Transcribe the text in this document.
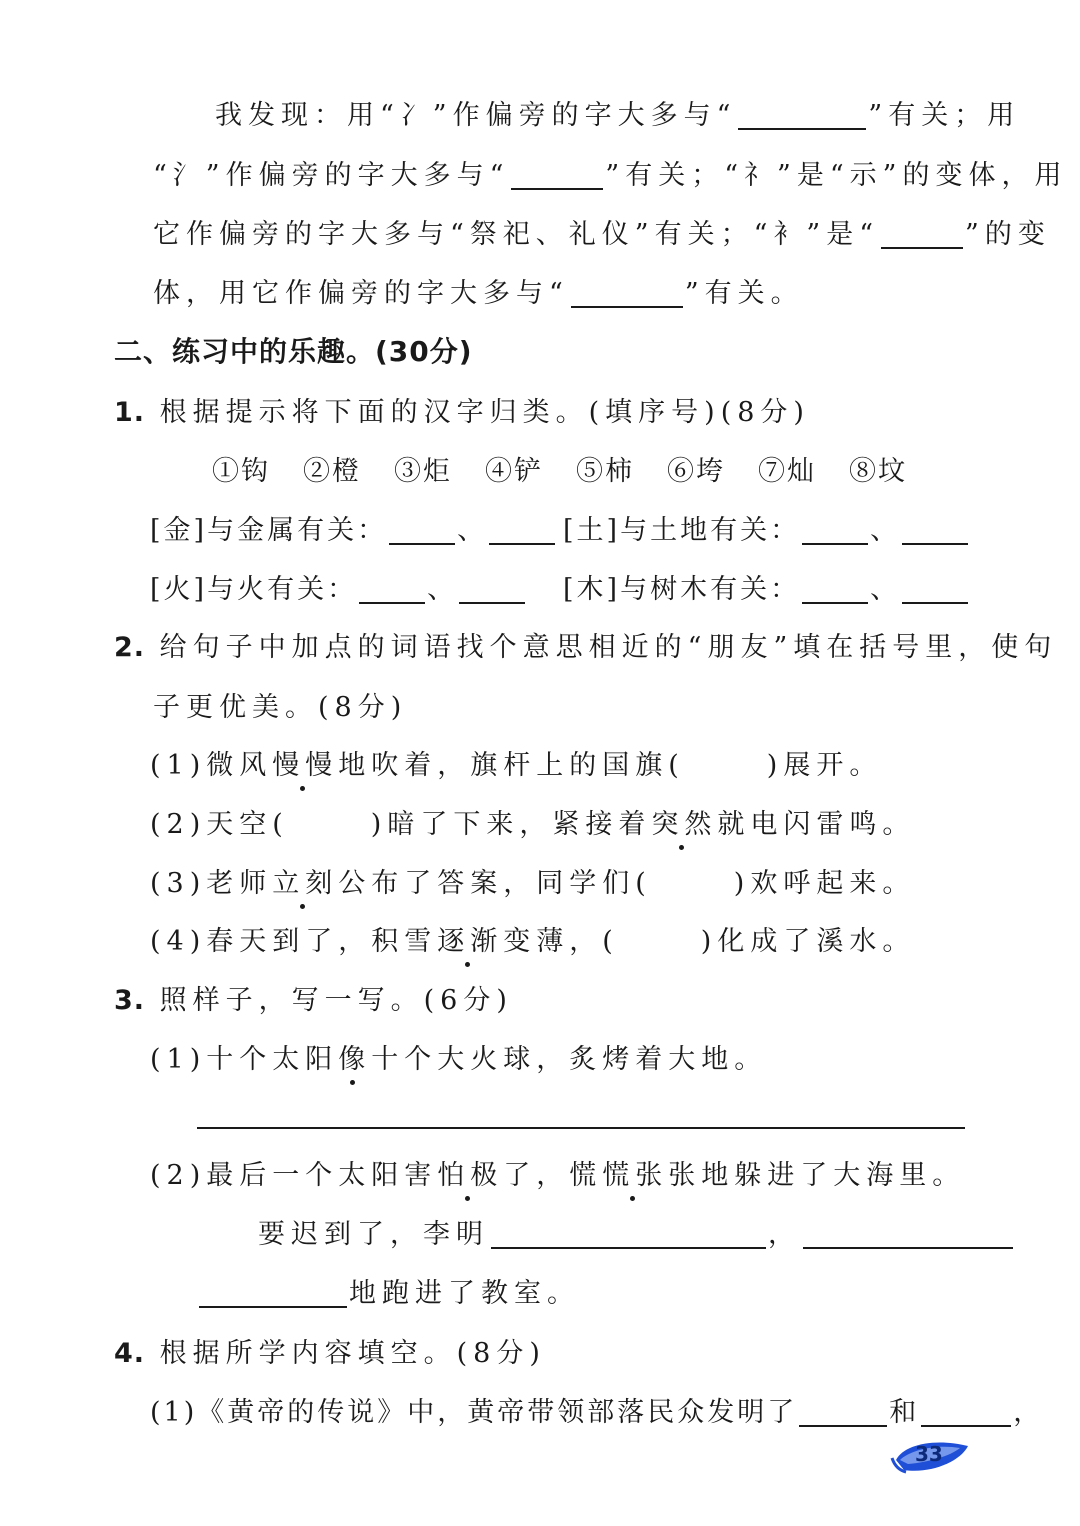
我发现：用“冫”作偏旁的字大多与“	”有关；用
“氵”作偏旁的字大多与“	”有关；“礻”是“示”的变体，用
它作偏旁的字大多与“祭祀、礼仪”有关；“衤”是“	”的变
体，用它作偏旁的字大多与“	”有关。
二、练习中的乐趣。(30分)
1. 根据提示将下面的汉字归类。(填序号)(8分)
①钩 ②橙 ③炬 ④铲 ⑤柿 ⑥垮 ⑦灿 ⑧坟
[金]与金属有关：	、	[土]与土地有关：	、
[火]与火有关：	、	[木]与树木有关：	、
2. 给句子中加点的词语找个意思相近的“朋友”填在括号里，使句
子更优美。(8分)
(1)微风慢慢地吹着，旗杆上的国旗(	)展开。
(2)天空(	)暗了下来，紧接着突然就电闪雷鸣。
(3)老师立刻公布了答案，同学们(	)欢呼起来。
(4)春天到了，积雪逐渐变薄，(	)化成了溪水。
3. 照样子，写一写。(6分)
(1)十个太阳像十个大火球，炙烤着大地。
(2)最后一个太阳害怕极了，慌慌张张地躲进了大海里。
要迟到了，李明	，
地跑进了教室。
4. 根据所学内容填空。(8分)
(1)《黄帝的传说》中，黄帝带领部落民众发明了	和	，
33
